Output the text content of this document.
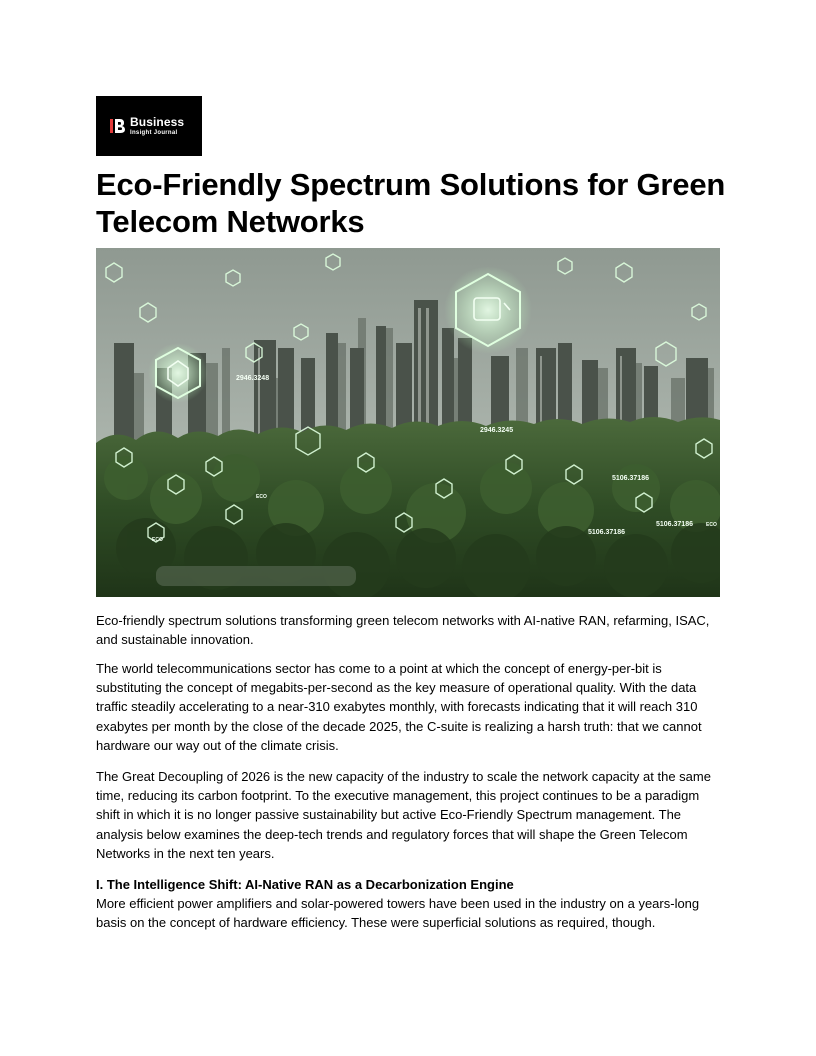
Business
Insight Journal
Eco-Friendly Spectrum Solutions for Green Telecom Networks
5106.37186
5106.37186
5106.37186
2946.3245
2946.3248
ECO
ECO
ECO

Eco-friendly spectrum solutions transforming green telecom networks with AI-native RAN, refarming, ISAC, and sustainable innovation.

The world telecommunications sector has come to a point at which the concept of energy-per-bit is substituting the concept of megabits-per-second as the key measure of operational quality. With the data traffic steadily accelerating to a near-310 exabytes monthly, with forecasts indicating that it will reach 310 exabytes per month by the close of the decade 2025, the C-suite is realizing a harsh truth: that we cannot hardware our way out of the climate crisis.

The Great Decoupling of 2026 is the new capacity of the industry to scale the network capacity at the same time, reducing its carbon footprint. To the executive management, this project continues to be a paradigm shift in which it is no longer passive sustainability but active Eco-Friendly Spectrum management. The analysis below examines the deep-tech trends and regulatory forces that will shape the Green Telecom Networks in the next ten years.

I. The Intelligence Shift: AI-Native RAN as a Decarbonization Engine

More efficient power amplifiers and solar-powered towers have been used in the industry on a years-long basis on the concept of hardware efficiency. These were superficial solutions as required, though.
